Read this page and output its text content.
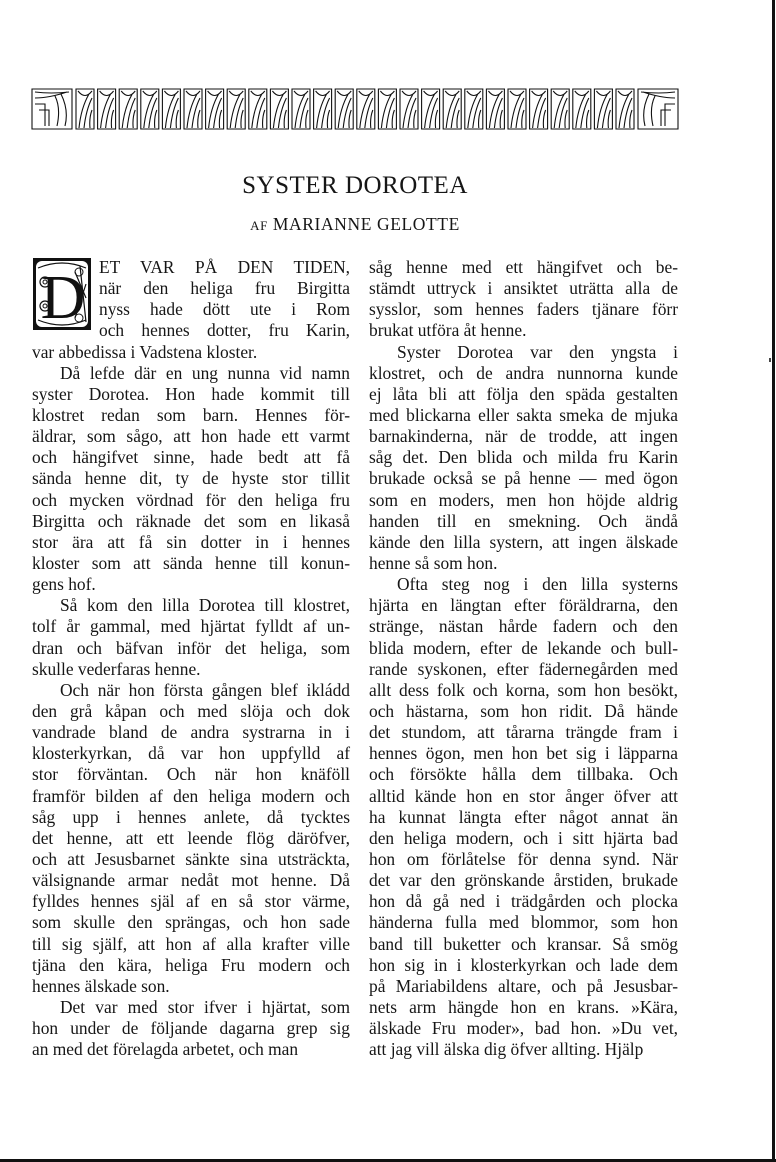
SYSTER DOROTEA
AF MARIANNE GELOTTE
D ET VAR PÅ DEN TIDEN,
när den heliga fru Birgitta
nyss hade dött ute i Rom
och hennes dotter, fru Karin,
var abbedissa i Vadstena kloster.
Då lefde där en ung nunna vid namn
syster Dorotea. Hon hade kommit till
klostret redan som barn. Hennes för-
äldrar, som sågo, att hon hade ett varmt
och hängifvet sinne, hade bedt att få
sända henne dit, ty de hyste stor tillit
och mycken vördnad för den heliga fru
Birgitta och räknade det som en likaså
stor ära att få sin dotter in i hennes
kloster som att sända henne till konun-
gens hof.
Så kom den lilla Dorotea till klostret,
tolf år gammal, med hjärtat fylldt af un-
dran och bäfvan inför det heliga, som
skulle vederfaras henne.
Och när hon första gången blef ikládd
den grå kåpan och med slöja och dok
vandrade bland de andra systrarna in i
klosterkyrkan, då var hon uppfylld af
stor förväntan. Och när hon knäföll
framför bilden af den heliga modern och
såg upp i hennes anlete, då tycktes
det henne, att ett leende flög däröfver,
och att Jesusbarnet sänkte sina utsträckta,
välsignande armar nedåt mot henne. Då
fylldes hennes själ af en så stor värme,
som skulle den sprängas, och hon sade
till sig själf, att hon af alla krafter ville
tjäna den kära, heliga Fru modern och
hennes älskade son.
Det var med stor ifver i hjärtat, som
hon under de följande dagarna grep sig
an med det förelagda arbetet, och man
såg henne med ett hängifvet och be-
stämdt uttryck i ansiktet uträtta alla de
sysslor, som hennes faders tjänare förr
brukat utföra åt henne.
Syster Dorotea var den yngsta i
klostret, och de andra nunnorna kunde
ej låta bli att följa den späda gestalten
med blickarna eller sakta smeka de mjuka
barnakinderna, när de trodde, att ingen
såg det. Den blida och milda fru Karin
brukade också se på henne — med ögon
som en moders, men hon höjde aldrig
handen till en smekning. Och ändå
kände den lilla systern, att ingen älskade
henne så som hon.
Ofta steg nog i den lilla systerns
hjärta en längtan efter föräldrarna, den
stränge, nästan hårde fadern och den
blida modern, efter de lekande och bull-
rande syskonen, efter fädernegården med
allt dess folk och korna, som hon besökt,
och hästarna, som hon ridit. Då hände
det stundom, att tårarna trängde fram i
hennes ögon, men hon bet sig i läpparna
och försökte hålla dem tillbaka. Och
alltid kände hon en stor ånger öfver att
ha kunnat längta efter något annat än
den heliga modern, och i sitt hjärta bad
hon om förlåtelse för denna synd. När
det var den grönskande årstiden, brukade
hon då gå ned i trädgården och plocka
händerna fulla med blommor, som hon
band till buketter och kransar. Så smög
hon sig in i klosterkyrkan och lade dem
på Mariabildens altare, och på Jesusbar-
nets arm hängde hon en krans. »Kära,
älskade Fru moder», bad hon. »Du vet,
att jag vill älska dig öfver allting. Hjälp
